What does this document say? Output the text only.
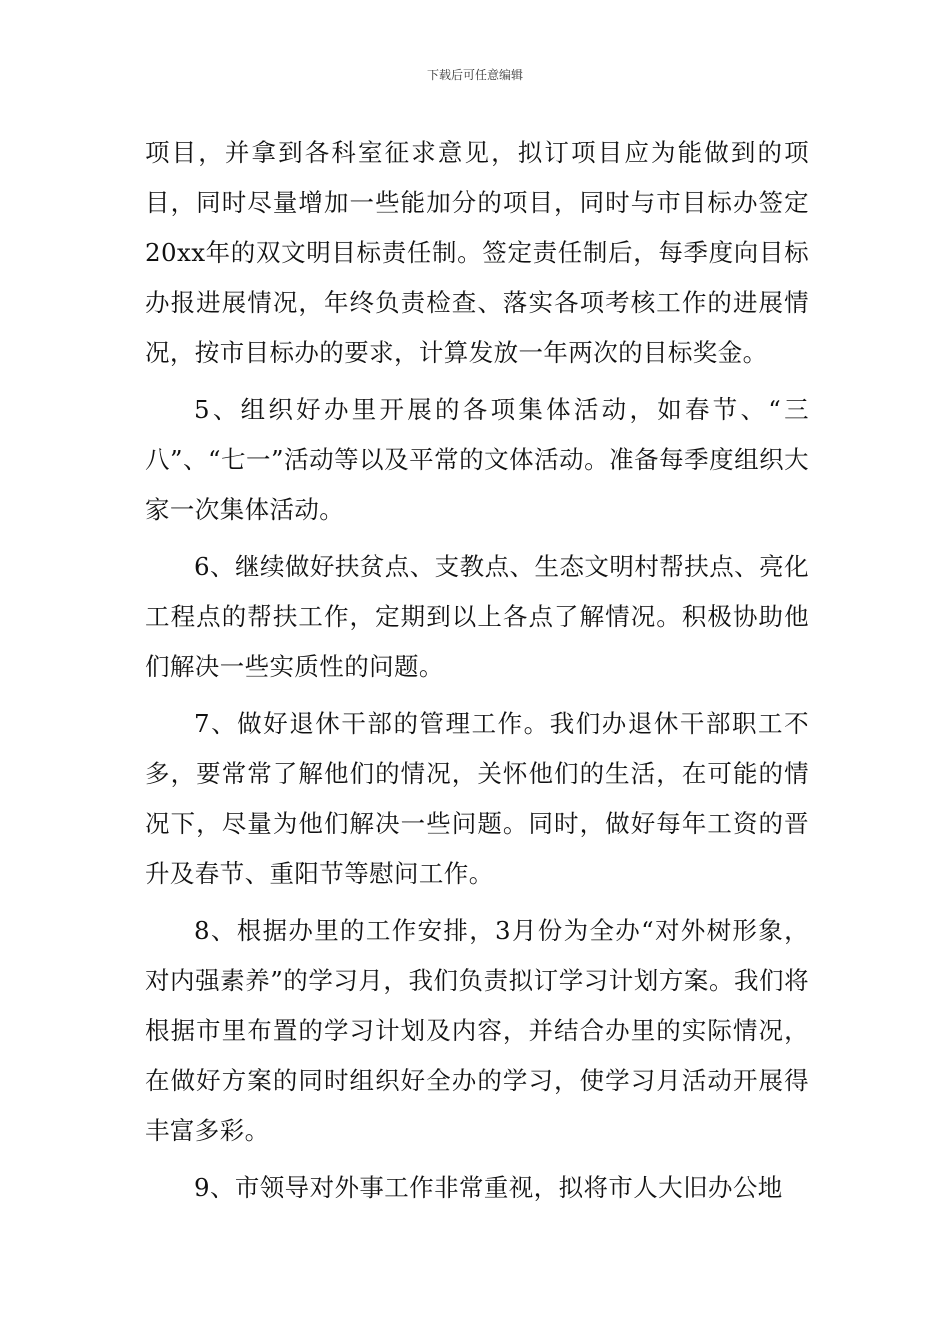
下载后可任意编辑

项目，并拿到各科室征求意见，拟订项目应为能做到的项目，同时尽量增加一些能加分的项目，同时与市目标办签定20xx年的双文明目标责任制。签定责任制后，每季度向目标办报进展情况，年终负责检查、落实各项考核工作的进展情况，按市目标办的要求，计算发放一年两次的目标奖金。

5、组织好办里开展的各项集体活动，如春节、“三八”、“七一”活动等以及平常的文体活动。准备每季度组织大家一次集体活动。

6、继续做好扶贫点、支教点、生态文明村帮扶点、亮化工程点的帮扶工作，定期到以上各点了解情况。积极协助他们解决一些实质性的问题。

7、做好退休干部的管理工作。我们办退休干部职工不多，要常常了解他们的情况，关怀他们的生活，在可能的情况下，尽量为他们解决一些问题。同时，做好每年工资的晋升及春节、重阳节等慰问工作。

8、根据办里的工作安排，3月份为全办“对外树形象，对内强素养”的学习月，我们负责拟订学习计划方案。我们将根据市里布置的学习计划及内容，并结合办里的实际情况，在做好方案的同时组织好全办的学习，使学习月活动开展得丰富多彩。

9、市领导对外事工作非常重视，拟将市人大旧办公地
